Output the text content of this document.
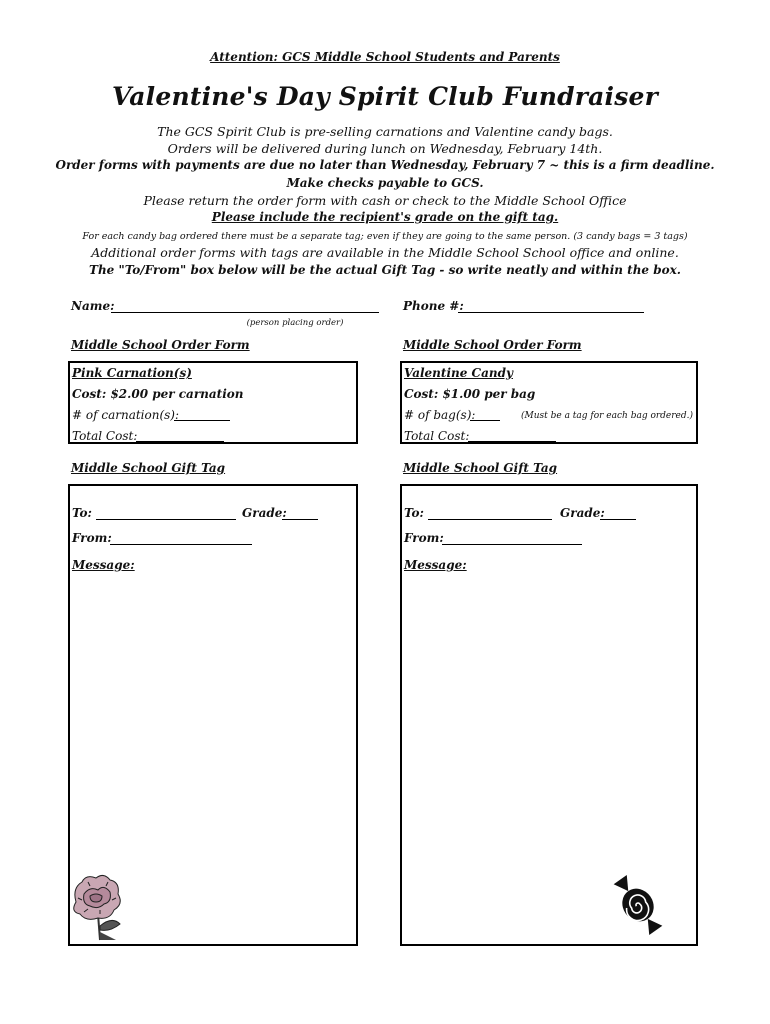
Attention: GCS Middle School Students and Parents
Valentine's Day Spirit Club Fundraiser
The GCS Spirit Club is pre-selling carnations and Valentine candy bags.
Orders will be delivered during lunch on Wednesday, February 14th.
Order forms with payments are due no later than Wednesday, February 7 ~ this is a firm deadline.
Make checks payable to GCS.
Please return the order form with cash or check to the Middle School Office
Please include the recipient's grade on the gift tag.
For each candy bag ordered there must be a separate tag; even if they are going to the same person. (3 candy bags = 3 tags)
Additional order forms with tags are available in the Middle School School office and online.
The "To/From" box below will be the actual Gift Tag - so write neatly and within the box.
Name:
(person placing order)
Phone #:
Middle School Order Form	Middle School Order Form
Pink Carnation(s)
Cost: $2.00 per carnation
# of carnation(s):
Total Cost:
Valentine Candy
Cost: $1.00 per bag
# of bag(s):	(Must be a tag for each bag ordered.)
Total Cost:
Middle School Gift Tag	Middle School Gift Tag
To:	Grade:
From:
Message:
To:	Grade:
From:
Message:
